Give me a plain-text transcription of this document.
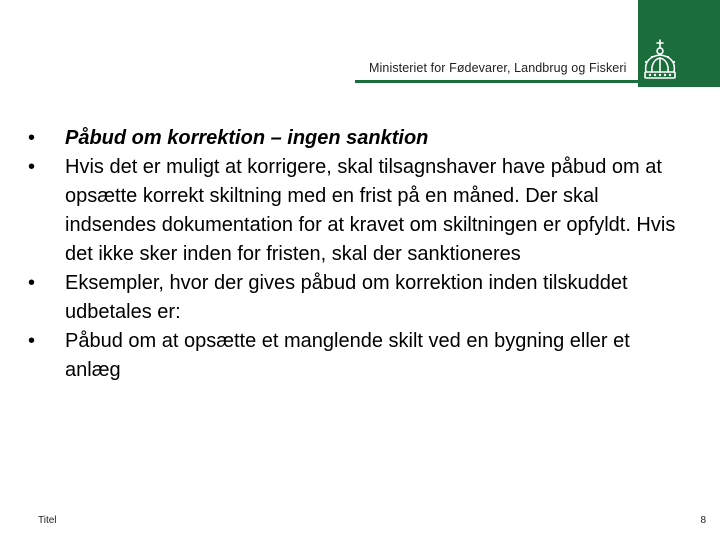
Ministeriet for Fødevarer, Landbrug og Fiskeri
•	Påbud om korrektion – ingen sanktion
•	Hvis det er muligt at korrigere, skal tilsagnshaver have påbud om at opsætte korrekt skiltning med en frist på en måned. Der skal indsendes dokumentation for at kravet om skiltningen er opfyldt. Hvis det ikke sker inden for fristen, skal der sanktioneres
•	Eksempler, hvor der gives påbud om korrektion inden tilskuddet udbetales er:
•	Påbud om at opsætte et manglende skilt ved en bygning eller et anlæg
Titel	8
